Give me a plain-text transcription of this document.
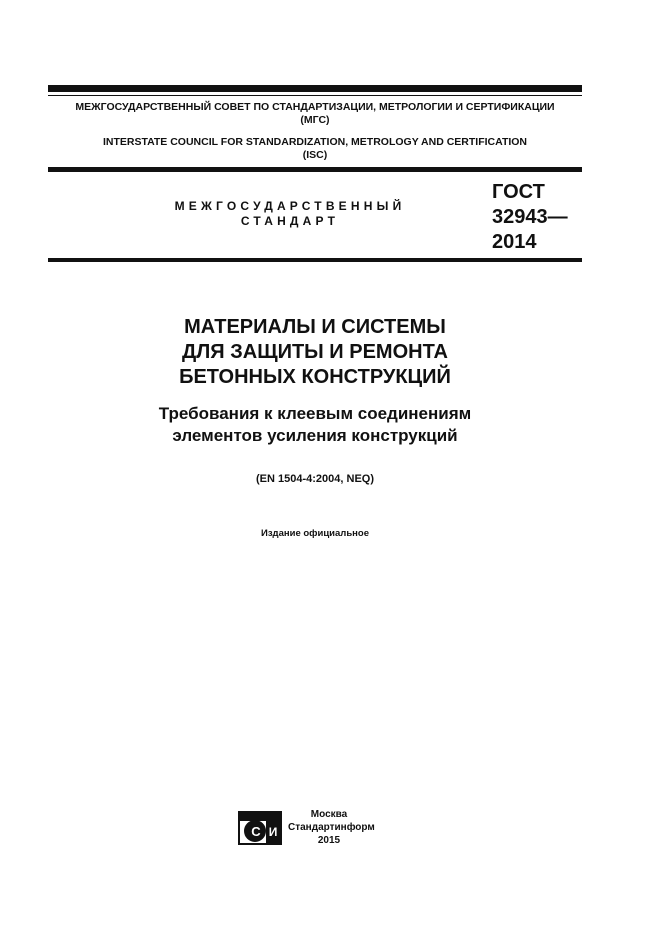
МЕЖГОСУДАРСТВЕННЫЙ СОВЕТ ПО СТАНДАРТИЗАЦИИ, МЕТРОЛОГИИ И СЕРТИФИКАЦИИ
(МГС)
INTERSTATE COUNCIL FOR STANDARDIZATION, METROLOGY AND CERTIFICATION
(ISC)
МЕЖГОСУДАРСТВЕННЫЙ
СТАНДАРТ
ГОСТ
32943—
2014
МАТЕРИАЛЫ И СИСТЕМЫ
ДЛЯ ЗАЩИТЫ И РЕМОНТА
БЕТОННЫХ КОНСТРУКЦИЙ
Требования к клеевым соединениям
элементов усиления конструкций
(EN 1504-4:2004, NEQ)
Издание официальное
С И
Москва
Стандартинформ
2015
